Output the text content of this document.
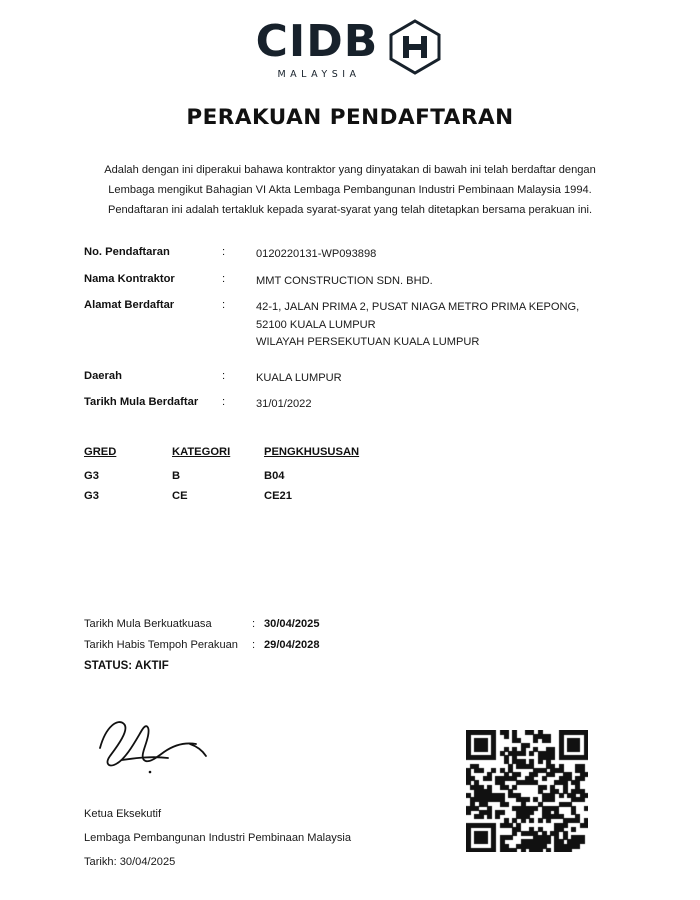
CIDB
MALAYSIA
PERAKUAN PENDAFTARAN
Adalah dengan ini diperakui bahawa kontraktor yang dinyatakan di bawah ini telah berdaftar dengan
Lembaga mengikut Bahagian VI Akta Lembaga Pembangunan Industri Pembinaan Malaysia 1994.
Pendaftaran ini adalah tertakluk kepada syarat-syarat yang telah ditetapkan bersama perakuan ini.
No. Pendaftaran	:	0120220131-WP093898
Nama Kontraktor	:	MMT CONSTRUCTION SDN. BHD.
Alamat Berdaftar	:	42-1, JALAN PRIMA 2, PUSAT NIAGA METRO PRIMA KEPONG,
52100 KUALA LUMPUR
WILAYAH PERSEKUTUAN KUALA LUMPUR
Daerah	:	KUALA LUMPUR
Tarikh Mula Berdaftar	:	31/01/2022
GRED	KATEGORI	PENGKHUSUSAN
G3	B	B04
G3	CE	CE21
Tarikh Mula Berkuatkuasa	: 30/04/2025
Tarikh Habis Tempoh Perakuan	: 29/04/2028
STATUS: AKTIF
Ketua Eksekutif
Lembaga Pembangunan Industri Pembinaan Malaysia
Tarikh: 30/04/2025
